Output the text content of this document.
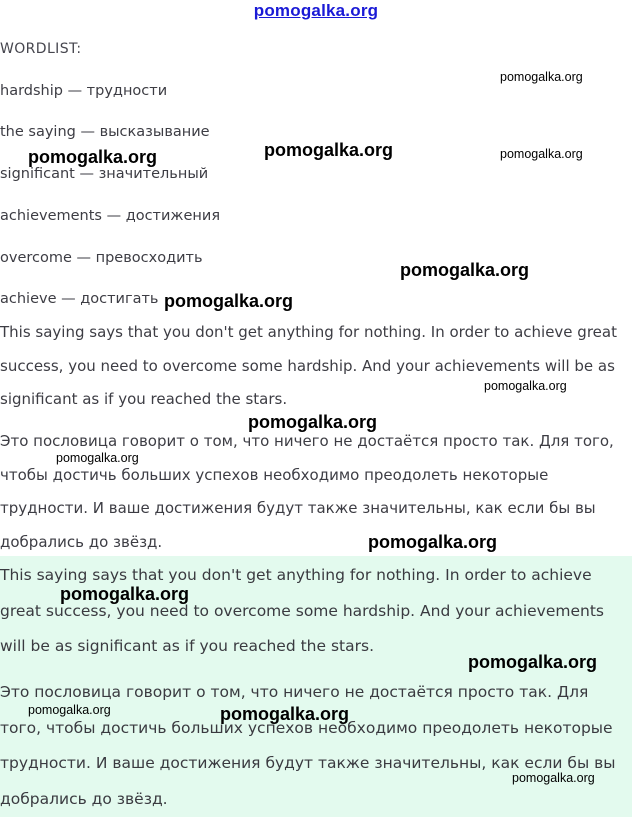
pomogalka.org
WORDLIST:
hardship — трудности
the saying — высказывание
significant — значительный
achievements — достижения
overcome — превосходить
achieve — достигать

This saying says that you don't get anything for nothing. In order to achieve great success, you need to overcome some hardship. And your achievements will be as significant as if you reached the stars.

Это пословица говорит о том, что ничего не достаётся просто так. Для того, чтобы достичь больших успехов необходимо преодолеть некоторые трудности. И ваше достижения будут также значительны, как если бы вы добрались до звёзд.

This saying says that you don't get anything for nothing. In order to achieve great success, you need to overcome some hardship. And your achievements will be as significant as if you reached the stars.

Это пословица говорит о том, что ничего не достаётся просто так. Для того, чтобы достичь больших успехов необходимо преодолеть некоторые трудности. И ваше достижения будут также значительны, как если бы вы добрались до звёзд.

pomogalka.org
pomogalka.org	pomogalka.org	pomogalka.org
pomogalka.org
pomogalka.org
pomogalka.org
pomogalka.org
pomogalka.org
pomogalka.org
pomogalka.org
pomogalka.org
pomogalka.org	pomogalka.org
pomogalka.org
